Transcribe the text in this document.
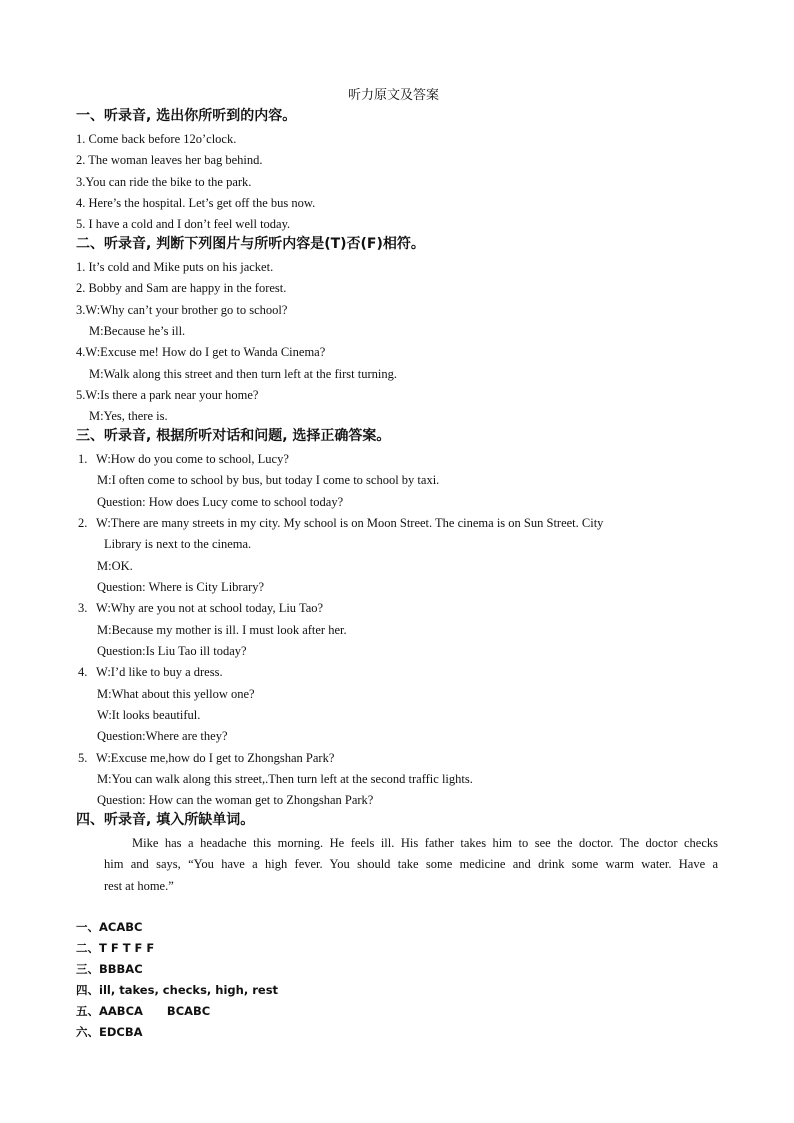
听力原文及答案
一、听录音, 选出你所听到的内容。
1. Come back before 12o’clock.
2. The woman leaves her bag behind.
3.You can ride the bike to the park.
4. Here’s the hospital. Let’s get off the bus now.
5. I have a cold and I don’t feel well today.
二、听录音, 判断下列图片与所听内容是(T)否(F)相符。
1. It’s cold and Mike puts on his jacket.
2. Bobby and Sam are happy in the forest.
3.W:Why can’t your brother go to school?
M:Because he’s ill.
4.W:Excuse me! How do I get to Wanda Cinema?
M:Walk along this street and then turn left at the first turning.
5.W:Is there a park near your home?
M:Yes, there is.
三、听录音, 根据所听对话和问题, 选择正确答案。
1. W:How do you come to school, Lucy?
M:I often come to school by bus, but today I come to school by taxi.
Question: How does Lucy come to school today?
2. W:There are many streets in my city. My school is on Moon Street. The cinema is on Sun Street. City
Library is next to the cinema.
M:OK.
Question: Where is City Library?
3. W:Why are you not at school today, Liu Tao?
M:Because my mother is ill. I must look after her.
Question:Is Liu Tao ill today?
4. W:I’d like to buy a dress.
M:What about this yellow one?
W:It looks beautiful.
Question:Where are they?
5. W:Excuse me,how do I get to Zhongshan Park?
M:You can walk along this street,.Then turn left at the second traffic lights.
Question: How can the woman get to Zhongshan Park?
四、听录音, 填入所缺单词。
Mike has a headache this morning. He feels ill. His father takes him to see the doctor. The doctor checks
him and says, “You have a high fever. You should take some medicine and drink some warm water. Have a
rest at home.”
一、ACABC
二、T F T F F
三、BBBAC
四、ill, takes, checks, high, rest
五、AABCA      BCABC
六、EDCBA
